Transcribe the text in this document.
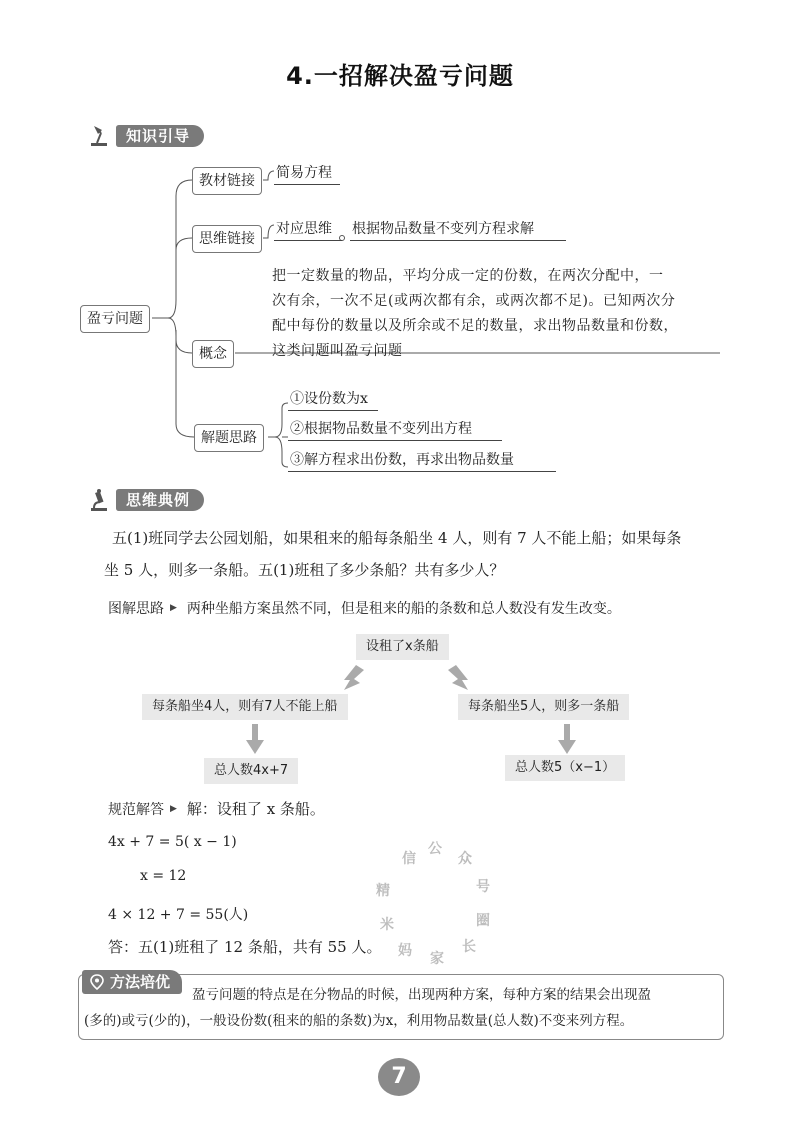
4.一招解决盈亏问题
知识引导
盈亏问题
教材链接	简易方程
思维链接
对应思维	根据物品数量不变列方程求解
概念
把一定数量的物品，平均分成一定的份数，在两次分配中，一
次有余，一次不足(或两次都有余，或两次都不足)。已知两次分
配中每份的数量以及所余或不足的数量，求出物品数量和份数，
这类问题叫盈亏问题
解题思路
①设份数为x
②根据物品数量不变列出方程
③解方程求出份数，再求出物品数量
思维典例
五(1)班同学去公园划船，如果租来的船每条船坐 4 人，则有 7 人不能上船；如果每条
坐 5 人，则多一条船。五(1)班租了多少条船？共有多少人？
图解思路 ▶ 两种坐船方案虽然不同，但是租来的船的条数和总人数没有发生改变。
设租了x条船
每条船坐4人，则有7人不能上船	每条船坐5人，则多一条船
总人数4x+7	总人数5（x−1）
规范解答 ▶ 解：设租了 x 条船。
4x + 7 = 5( x − 1)
x = 12
4 × 12 + 7 = 55(人)
答：五(1)班租了 12 条船，共有 55 人。
公
众
号
圈
长
家
妈
米
信
精
方法培优
盈亏问题的特点是在分物品的时候，出现两种方案，每种方案的结果会出现盈
(多的)或亏(少的)，一般设份数(租来的船的条数)为x，利用物品数量(总人数)不变来列方程。
7
